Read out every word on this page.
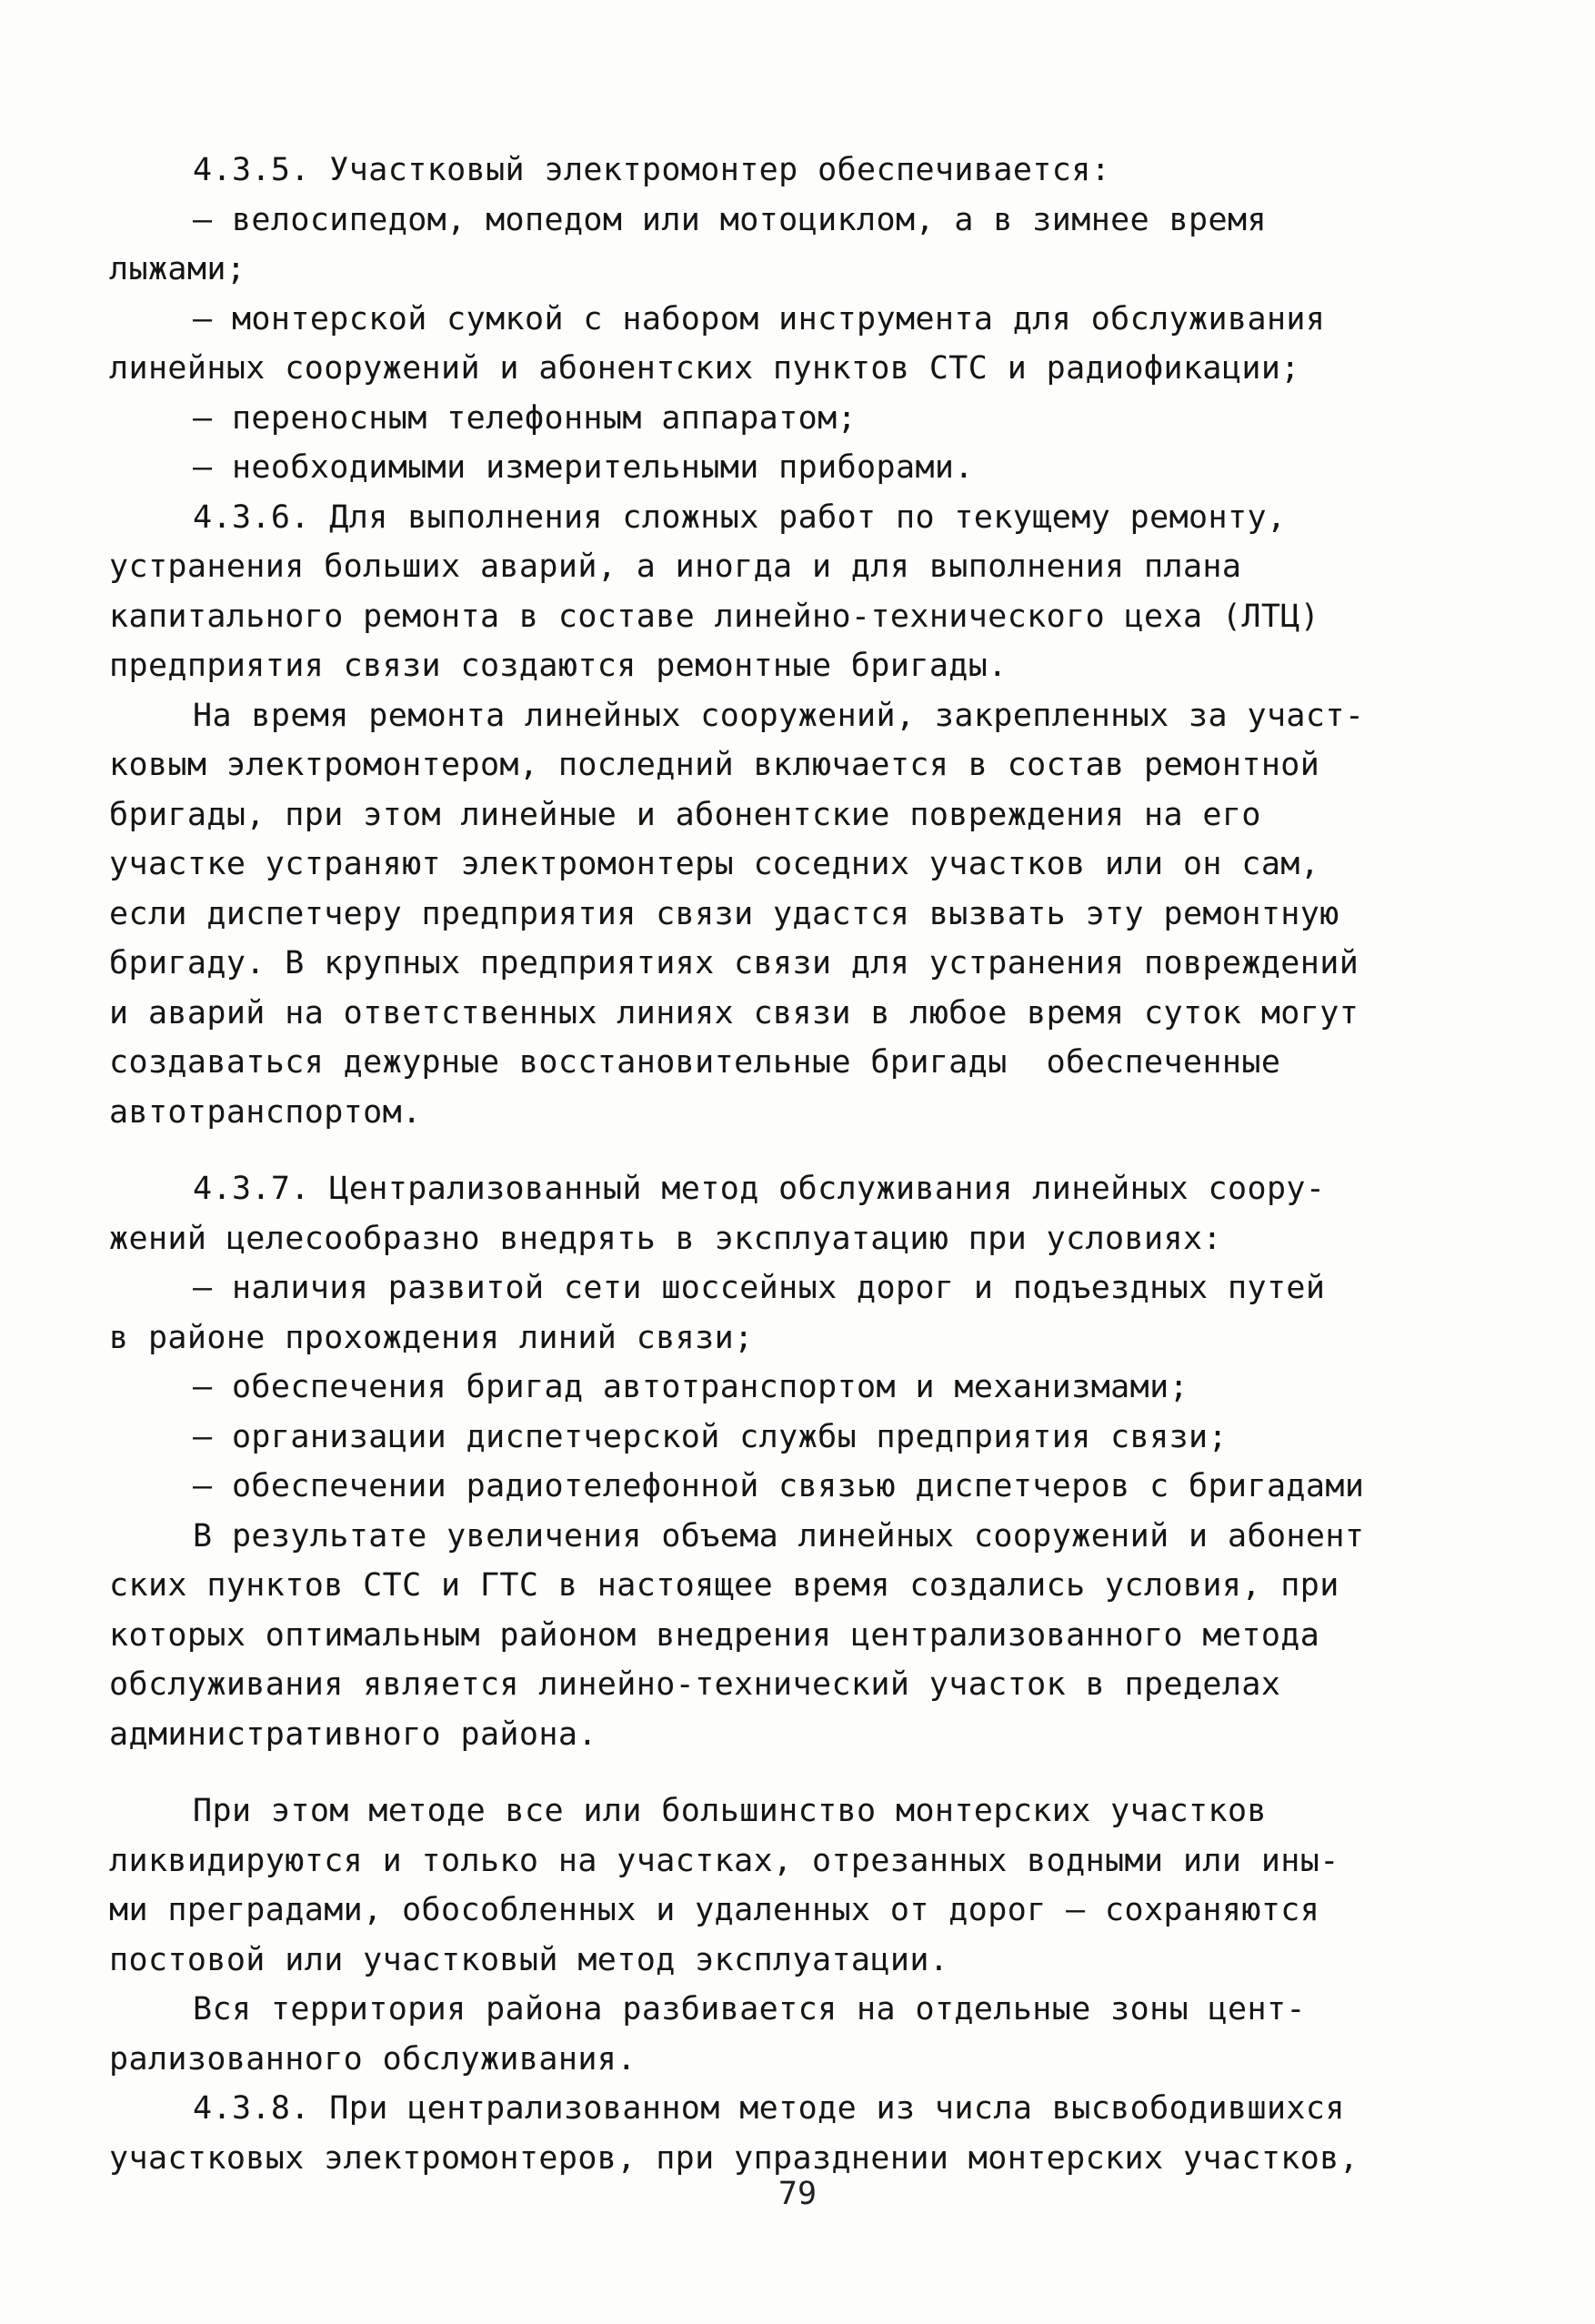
4.3.5. Участковый электромонтер обеспечивается:
– велосипедом, мопедом или мотоциклом, а в зимнее время
лыжами;
– монтерской сумкой с набором инструмента для обслуживания
линейных сооружений и абонентских пунктов СТС и радиофикации;
– переносным телефонным аппаратом;
– необходимыми измерительными приборами.
4.3.6. Для выполнения сложных работ по текущему ремонту,
устранения больших аварий, а иногда и для выполнения плана
капитального ремонта в составе линейно-технического цеха (ЛТЦ)
предприятия связи создаются ремонтные бригады.
На время ремонта линейных сооружений, закрепленных за участ-
ковым электромонтером, последний включается в состав ремонтной
бригады, при этом линейные и абонентские повреждения на его
участке устраняют электромонтеры соседних участков или он сам,
если диспетчеру предприятия связи удастся вызвать эту ремонтную
бригаду. В крупных предприятиях связи для устранения повреждений
и аварий на ответственных линиях связи в любое время суток могут
создаваться дежурные восстановительные бригады  обеспеченные
автотранспортом.
4.3.7. Централизованный метод обслуживания линейных соору-
жений целесообразно внедрять в эксплуатацию при условиях:
– наличия развитой сети шоссейных дорог и подъездных путей
в районе прохождения линий связи;
– обеспечения бригад автотранспортом и механизмами;
– организации диспетчерской службы предприятия связи;
– обеспечении радиотелефонной связью диспетчеров с бригадами
В результате увеличения объема линейных сооружений и абонент
ских пунктов СТС и ГТС в настоящее время создались условия, при
которых оптимальным районом внедрения централизованного метода
обслуживания является линейно-технический участок в пределах
административного района.
При этом методе все или большинство монтерских участков
ликвидируются и только на участках, отрезанных водными или ины-
ми преградами, обособленных и удаленных от дорог – сохраняются
постовой или участковый метод эксплуатации.
Вся территория района разбивается на отдельные зоны цент-
рализованного обслуживания.
4.3.8. При централизованном методе из числа высвободившихся
участковых электромонтеров, при упразднении монтерских участков,
79
